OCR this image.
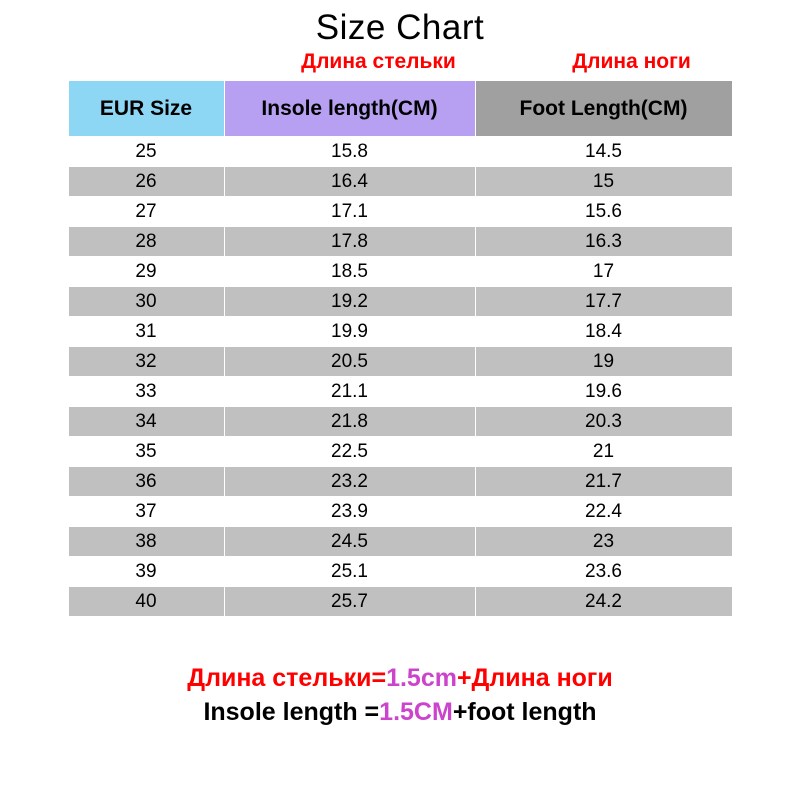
Size Chart
Длина стельки	Длина ноги
EUR Size	Insole length(CM)	Foot Length(CM)
25	15.8	14.5
26	16.4	15
27	17.1	15.6
28	17.8	16.3
29	18.5	17
30	19.2	17.7
31	19.9	18.4
32	20.5	19
33	21.1	19.6
34	21.8	20.3
35	22.5	21
36	23.2	21.7
37	23.9	22.4
38	24.5	23
39	25.1	23.6
40	25.7	24.2

Длина стельки=1.5cm+Длина ноги
Insole length =1.5CM+foot length
